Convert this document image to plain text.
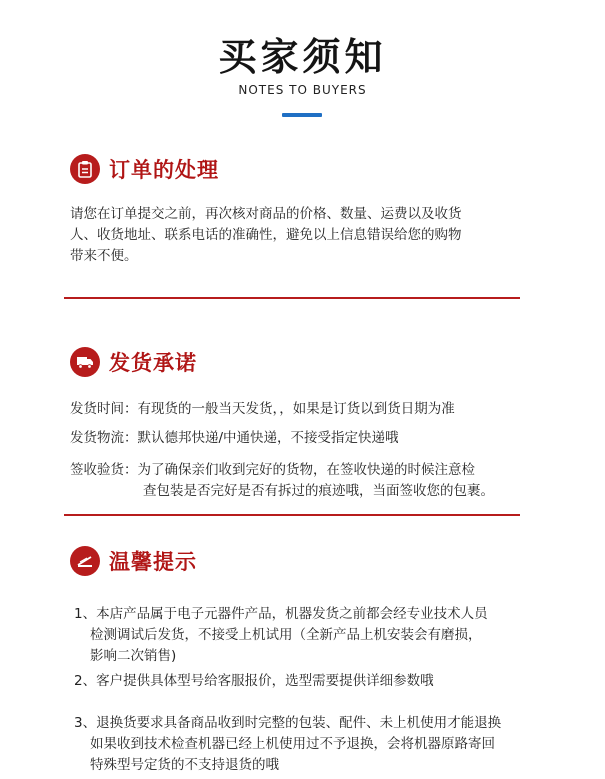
买家须知
NOTES TO BUYERS
订单的处理
请您在订单提交之前，再次核对商品的价格、数量、运费以及收货
人、收货地址、联系电话的准确性，避免以上信息错误给您的购物
带来不便。
发货承诺
发货时间：有现货的一般当天发货，，如果是订货以到货日期为准
发货物流：默认德邦快递/中通快递，不接受指定快递哦
签收验货：为了确保亲们收到完好的货物，在签收快递的时候注意检
查包装是否完好是否有拆过的痕迹哦，当面签收您的包裹。
温馨提示
1、本店产品属于电子元器件产品，机器发货之前都会经专业技术人员
检测调试后发货，不接受上机试用（全新产品上机安装会有磨损，
影响二次销售)
2、客户提供具体型号给客服报价，选型需要提供详细参数哦
3、退换货要求具备商品收到时完整的包装、配件、未上机使用才能退换
如果收到技术检查机器已经上机使用过不予退换，会将机器原路寄回
特殊型号定货的不支持退货的哦
